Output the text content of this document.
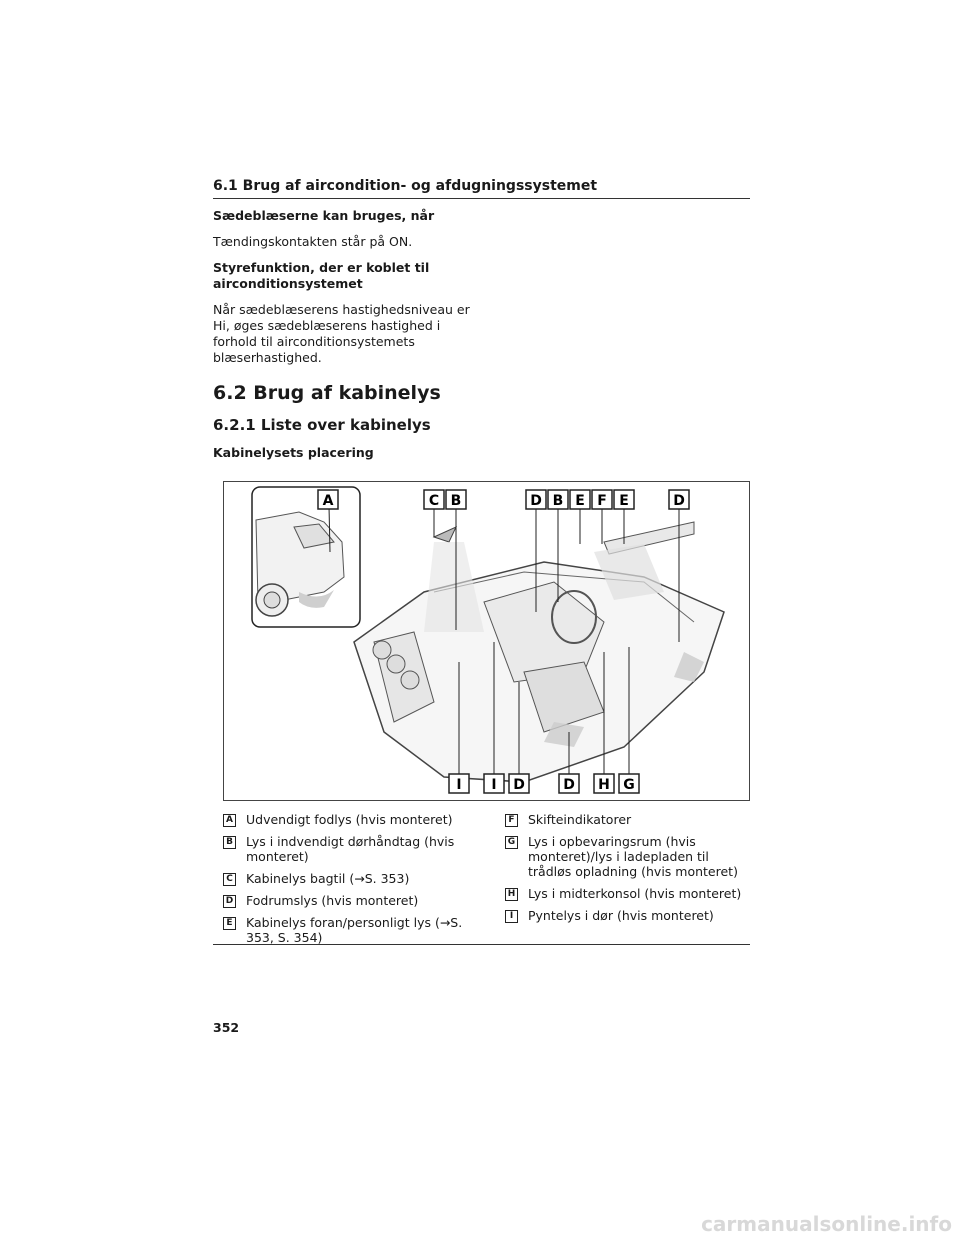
6.1 Brug af aircondition- og afdugningssystemet

Sædeblæserne kan bruges, når

Tændingskontakten står på ON.

Styrefunktion, der er koblet til
airconditionsystemet

Når sædeblæserens hastighedsniveau er
Hi, øges sædeblæserens hastighed i
forhold til airconditionsystemets
blæserhastighed.

6.2 Brug af kabinelys
6.2.1 Liste over kabinelys
Kabinelysets placering
A	C B	D B E F E	D
I I D	D H G
A Udvendigt fodlys (hvis monteret)
B Lys i indvendigt dørhåndtag (hvis monteret)
C Kabinelys bagtil (→S. 353)
D Fodrumslys (hvis monteret)
E Kabinelys foran/personligt lys (→S. 353, S. 354)
F Skifteindikatorer
G Lys i opbevaringsrum (hvis monteret)/lys i ladepladen til trådløs opladning (hvis monteret)
H Lys i midterkonsol (hvis monteret)
I	Pyntelys i dør (hvis monteret)
352
carmanualsonline.info
